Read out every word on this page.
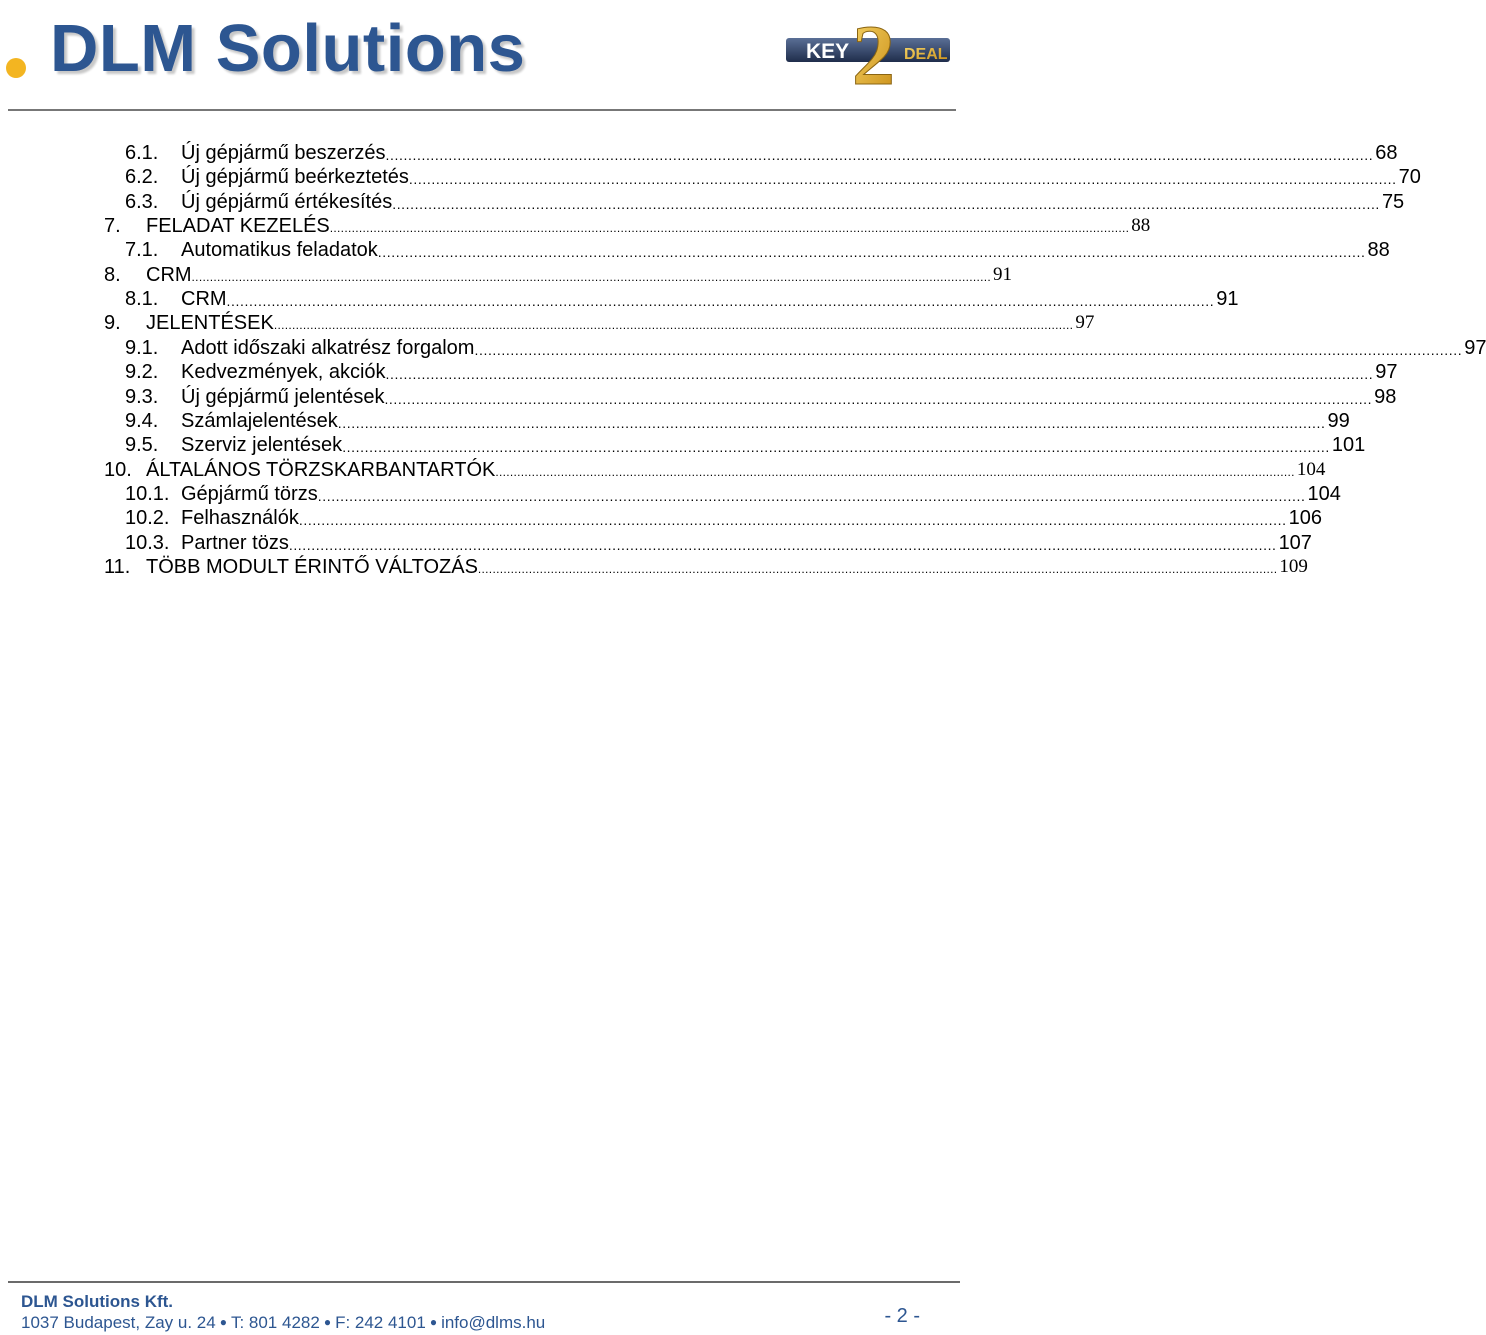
DLM Solutions	KEY 2 DEAL
6.1. Új gépjármű beszerzés ............................................................................................................................................................................................................................ 68
6.2. Új gépjármű beérkeztetés ............................................................................................................................................................................................................................ 70
6.3. Új gépjármű értékesítés ............................................................................................................................................................................................................................ 75
7. FELADAT KEZELÉS ............................................................................................................................................................................................................................ 88
7.1. Automatikus feladatok ............................................................................................................................................................................................................................ 88
8. CRM ............................................................................................................................................................................................................................ 91
8.1. CRM ............................................................................................................................................................................................................................ 91
9. JELENTÉSEK ............................................................................................................................................................................................................................ 97
9.1. Adott időszaki alkatrész forgalom ............................................................................................................................................................................................................................ 97
9.2. Kedvezmények, akciók ............................................................................................................................................................................................................................ 97
9.3. Új gépjármű jelentések ............................................................................................................................................................................................................................ 98
9.4. Számlajelentések ............................................................................................................................................................................................................................ 99
9.5. Szerviz jelentések ............................................................................................................................................................................................................................ 101
10. ÁLTALÁNOS TÖRZSKARBANTARTÓK ............................................................................................................................................................................................................................ 104
10.1. Gépjármű törzs ............................................................................................................................................................................................................................ 104
10.2. Felhasználók ............................................................................................................................................................................................................................ 106
10.3. Partner tözs ............................................................................................................................................................................................................................ 107
11. TÖBB MODULT ÉRINTŐ VÁLTOZÁS ............................................................................................................................................................................................................................ 109
DLM Solutions Kft.
1037 Budapest, Zay u. 24 ● T: 801 4282 ● F: 242 4101 ● info@dlms.hu	- 2 -
